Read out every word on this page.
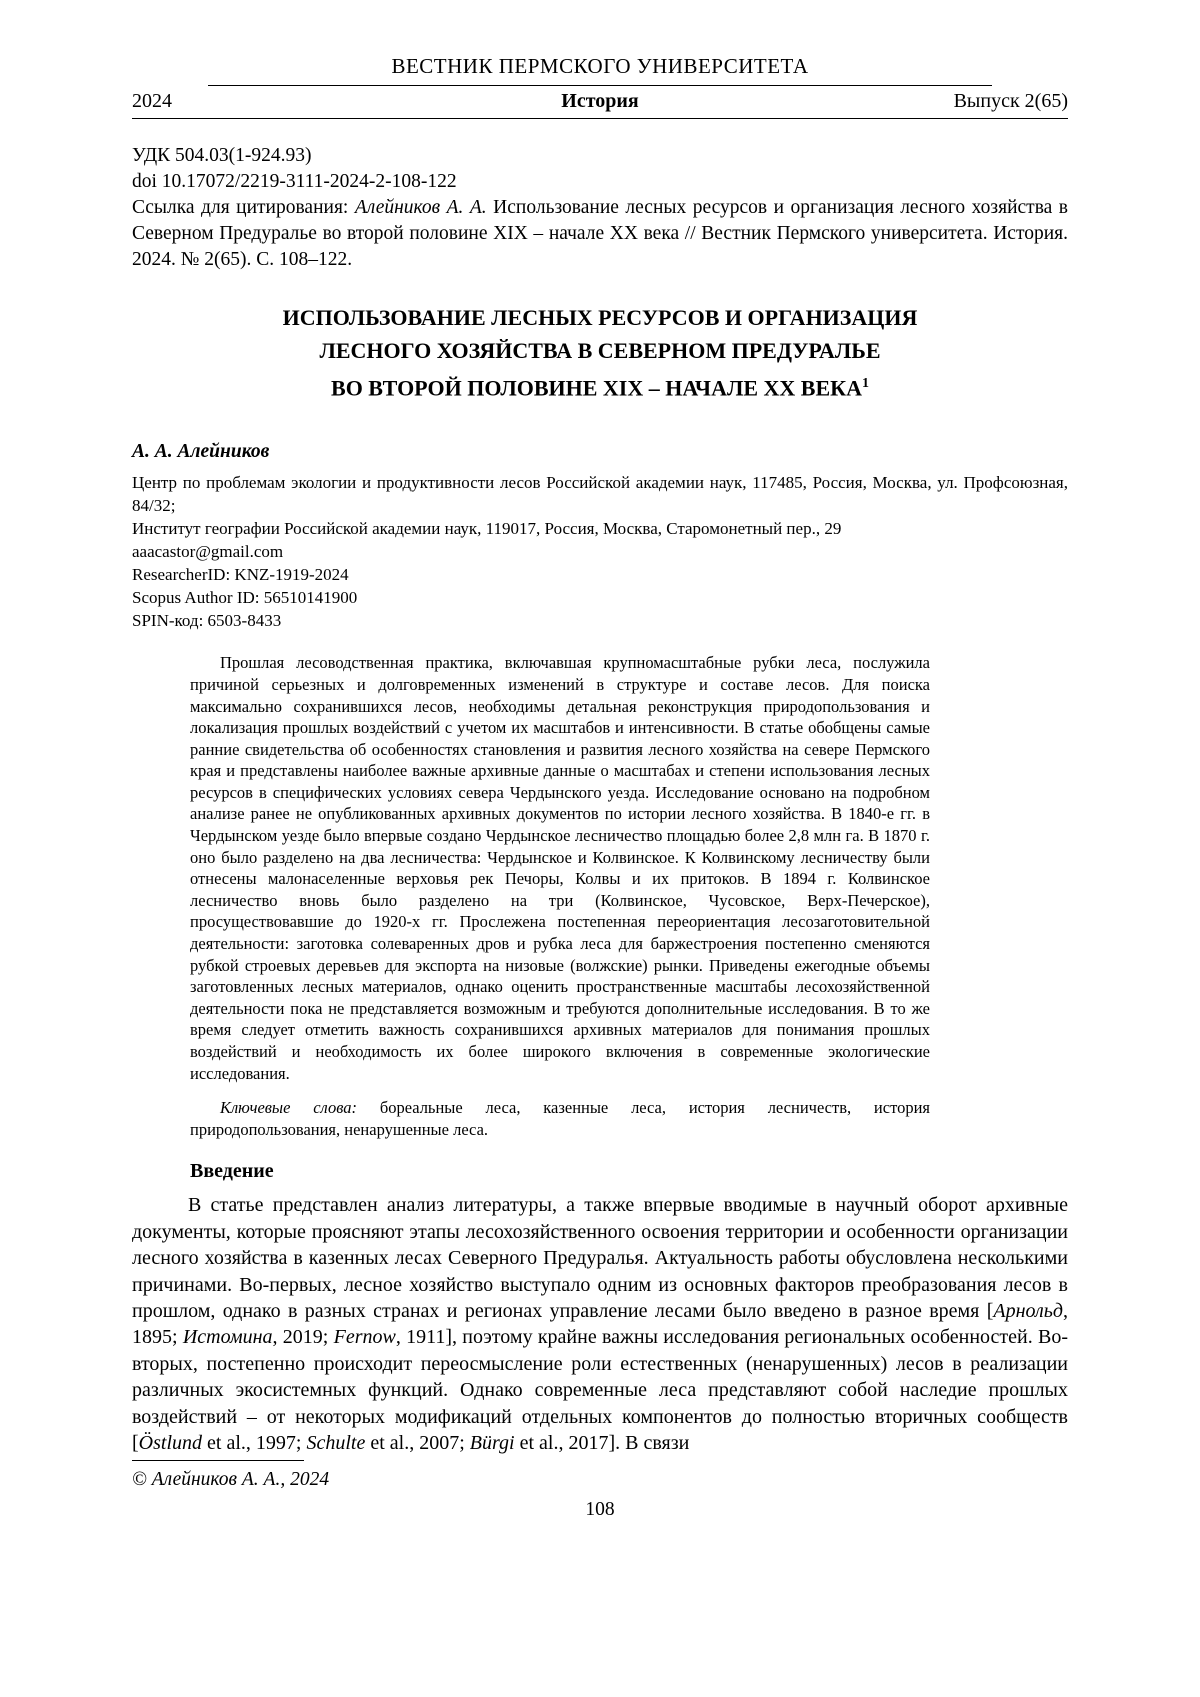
ВЕСТНИК ПЕРМСКОГО УНИВЕРСИТЕТА
2024	История	Выпуск 2(65)

УДК 504.03(1-924.93)

doi 10.17072/2219-3111-2024-2-108-122

Ссылка для цитирования: Алейников А. А. Использование лесных ресурсов и организация лесного хозяйства в Северном Предуралье во второй половине XIX – начале XX века // Вестник Пермского университета. История. 2024. № 2(65). С. 108–122.

ИСПОЛЬЗОВАНИЕ ЛЕСНЫХ РЕСУРСОВ И ОРГАНИЗАЦИЯ
ЛЕСНОГО ХОЗЯЙСТВА В СЕВЕРНОМ ПРЕДУРАЛЬЕ
ВО ВТОРОЙ ПОЛОВИНЕ XIX – НАЧАЛЕ XX ВЕКА$^1$

А. А. Алейников

Центр по проблемам экологии и продуктивности лесов Российской академии наук, 117485, Россия, Москва, ул. Профсоюзная, 84/32;

Институт географии Российской академии наук, 119017, Россия, Москва, Старомонетный пер., 29

aaacastor@gmail.com

ResearcherID: KNZ-1919-2024

Scopus Author ID: 56510141900

SPIN-код: 6503-8433

Прошлая лесоводственная практика, включавшая крупномасштабные рубки леса, послужила причиной серьезных и долговременных изменений в структуре и составе лесов. Для поиска максимально сохранившихся лесов, необходимы детальная реконструкция природопользования и локализация прошлых воздействий с учетом их масштабов и интенсивности. В статье обобщены самые ранние свидетельства об особенностях становления и развития лесного хозяйства на севере Пермского края и представлены наиболее важные архивные данные о масштабах и степени использования лесных ресурсов в специфических условиях севера Чердынского уезда. Исследование основано на подробном анализе ранее не опубликованных архивных документов по истории лесного хозяйства. В 1840-е гг. в Чердынском уезде было впервые создано Чердынское лесничество площадью более 2,8 млн га. В 1870 г. оно было разделено на два лесничества: Чердынское и Колвинское. К Колвинскому лесничеству были отнесены малонаселенные верховья рек Печоры, Колвы и их притоков. В 1894 г. Колвинское лесничество вновь было разделено на три (Колвинское, Чусовское, Верх-Печерское), просуществовавшие до 1920-х гг. Прослежена постепенная переориентация лесозаготовительной деятельности: заготовка солеваренных дров и рубка леса для баржестроения постепенно сменяются рубкой строевых деревьев для экспорта на низовые (волжские) рынки. Приведены ежегодные объемы заготовленных лесных материалов, однако оценить пространственные масштабы лесохозяйственной деятельности пока не представляется возможным и требуются дополнительные исследования. В то же время следует отметить важность сохранившихся архивных материалов для понимания прошлых воздействий и необходимость их более широкого включения в современные экологические исследования.

Ключевые слова: бореальные леса, казенные леса, история лесничеств, история природопользования, ненарушенные леса.

Введение

В статье представлен анализ литературы, а также впервые вводимые в научный оборот архивные документы, которые проясняют этапы лесохозяйственного освоения территории и особенности организации лесного хозяйства в казенных лесах Северного Предуралья. Актуальность работы обусловлена несколькими причинами. Во-первых, лесное хозяйство выступало одним из основных факторов преобразования лесов в прошлом, однако в разных странах и регионах управление лесами было введено в разное время [Арнольд, 1895; Истомина, 2019; Fernow, 1911], поэтому крайне важны исследования региональных особенностей. Во-вторых, постепенно происходит переосмысление роли естественных (ненарушенных) лесов в реализации различных экосистемных функций. Однако современные леса представляют собой наследие прошлых воздействий – от некоторых модификаций отдельных компонентов до полностью вторичных сообществ [Östlund et al., 1997; Schulte et al., 2007; Bürgi et al., 2017]. В связи

© Алейников А. А., 2024

108
